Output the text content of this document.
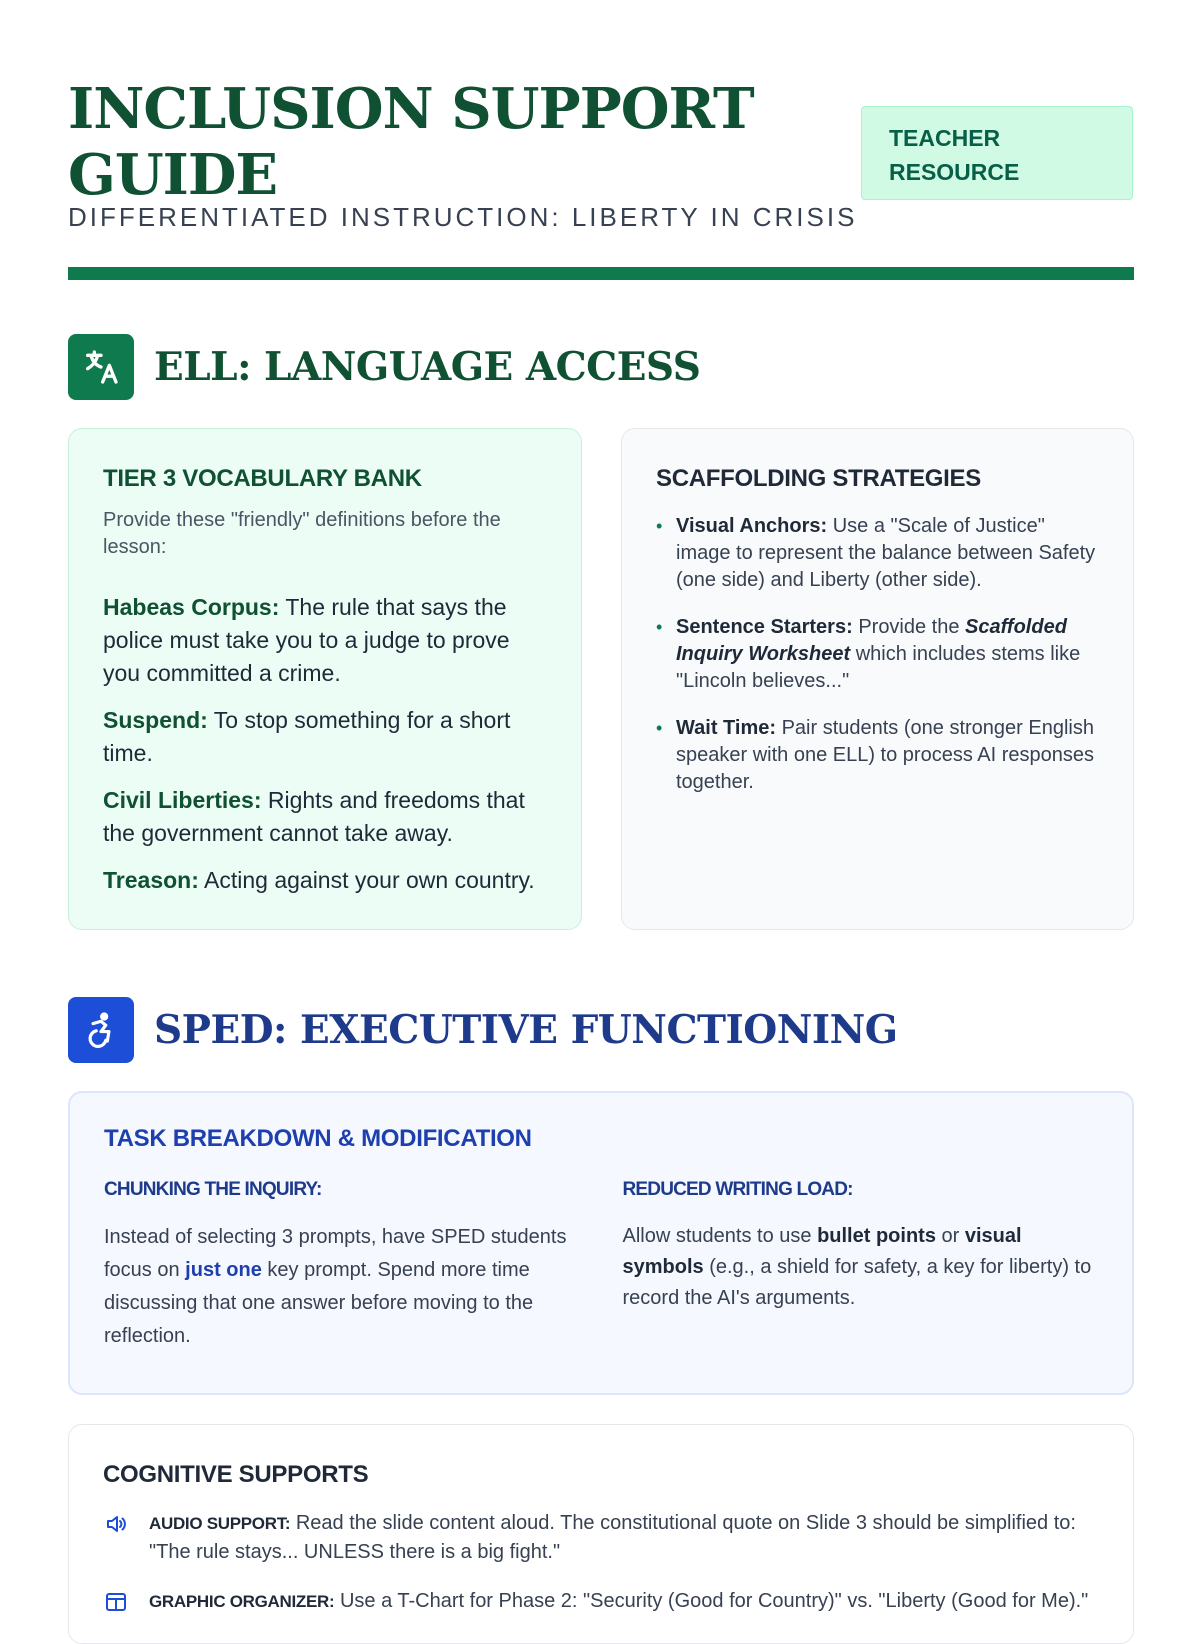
INCLUSION SUPPORT
GUIDE
DIFFERENTIATED INSTRUCTION: LIBERTY IN CRISIS
TEACHER
RESOURCE
ELL: LANGUAGE ACCESS
TIER 3 VOCABULARY BANK
Provide these "friendly" definitions before the lesson:
Habeas Corpus: The rule that says the police must take you to a judge to prove you committed a crime.
Suspend: To stop something for a short time.
Civil Liberties: Rights and freedoms that the government cannot take away.
Treason: Acting against your own country.
SCAFFOLDING STRATEGIES
• Visual Anchors: Use a "Scale of Justice" image to represent the balance between Safety (one side) and Liberty (other side).
• Sentence Starters: Provide the Scaffolded Inquiry Worksheet which includes stems like "Lincoln believes..."
• Wait Time: Pair students (one stronger English speaker with one ELL) to process AI responses together.
SPED: EXECUTIVE FUNCTIONING
TASK BREAKDOWN & MODIFICATION
CHUNKING THE INQUIRY:

Instead of selecting 3 prompts, have SPED students focus on just one key prompt. Spend more time discussing that one answer before moving to the reflection.

REDUCED WRITING LOAD:

Allow students to use bullet points or visual symbols (e.g., a shield for safety, a key for liberty) to record the AI's arguments.

COGNITIVE SUPPORTS
AUDIO SUPPORT: Read the slide content aloud. The constitutional quote on Slide 3 should be simplified to: "The rule stays... UNLESS there is a big fight."
GRAPHIC ORGANIZER: Use a T-Chart for Phase 2: "Security (Good for Country)" vs. "Liberty (Good for Me)."
